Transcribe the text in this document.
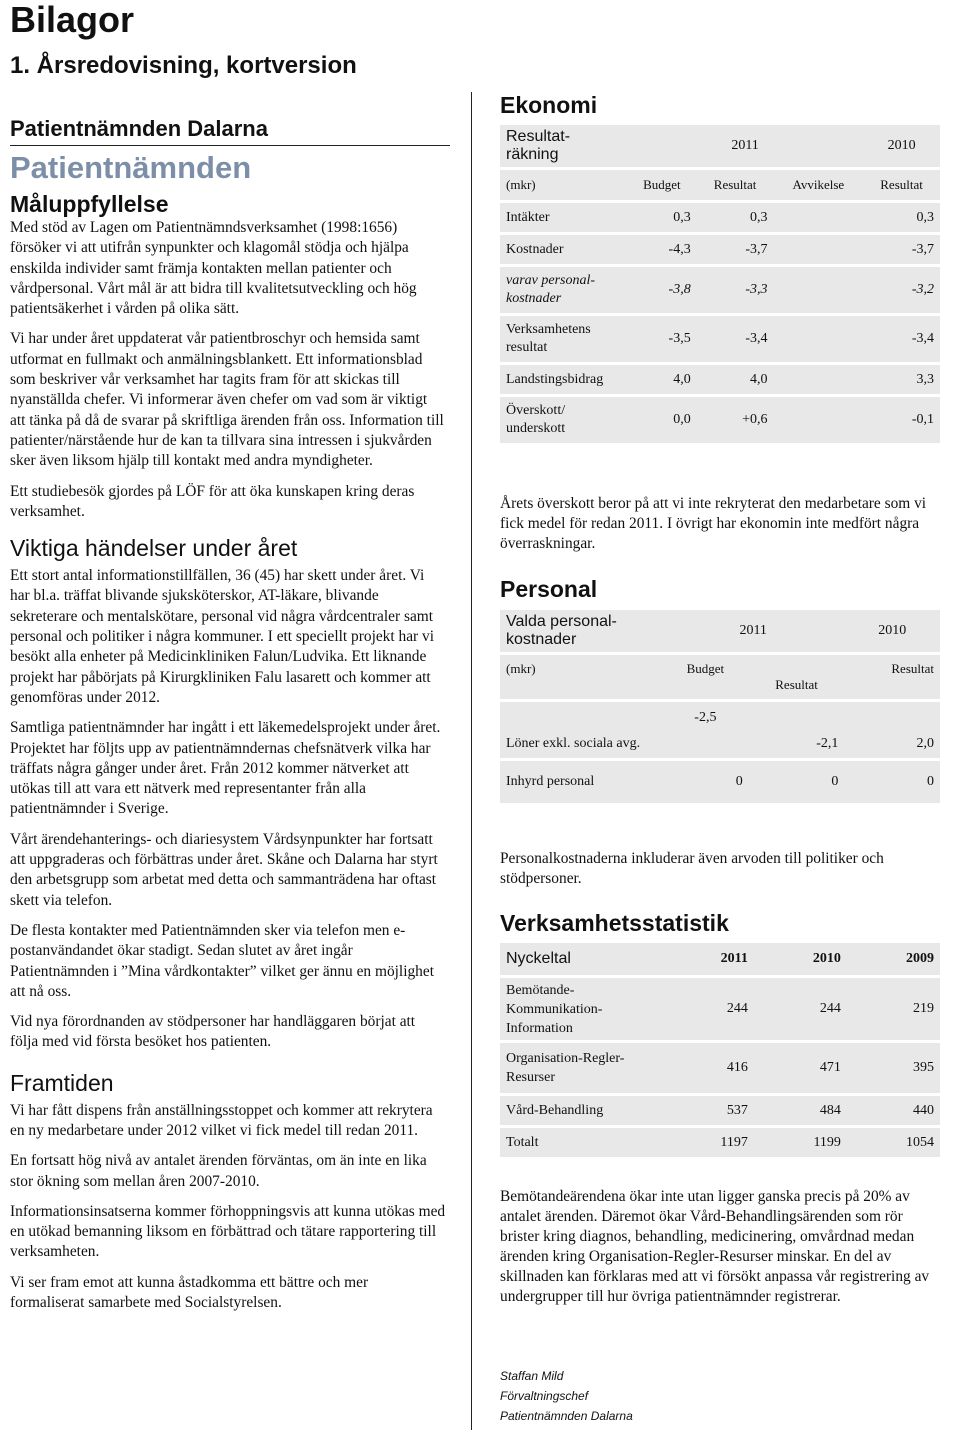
Bilagor
1. Årsredovisning, kortversion
Patientnämnden Dalarna
Patientnämnden
Måluppfyllelse

Med stöd av Lagen om Patientnämndsverksamhet (1998:1656) försöker vi att utifrån synpunkter och klagomål stödja och hjälpa enskilda individer samt främja kontakten mellan patienter och vårdpersonal. Vårt mål är att bidra till kvalitetsutveckling och hög patientsäkerhet i vården på olika sätt.

Vi har under året uppdaterat vår patientbroschyr och hemsida samt utformat en fullmakt och anmälningsblankett. Ett informationsblad som beskriver vår verksamhet har tagits fram för att skickas till nyanställda chefer. Vi informerar även chefer om vad som är viktigt att tänka på då de svarar på skriftliga ärenden från oss. Information till patienter/närstående hur de kan ta tillvara sina intressen i sjukvården sker även liksom hjälp till kontakt med andra myndigheter.

Ett studiebesök gjordes på LÖF för att öka kunskapen kring deras verksamhet.

Viktiga händelser under året

Ett stort antal informationstillfällen, 36 (45) har skett under året. Vi har bl.a. träffat blivande sjuksköterskor, AT-läkare, blivande sekreterare och mentalskötare, personal vid några vårdcentraler samt personal och politiker i några kommuner. I ett speciellt projekt har vi besökt alla enheter på Medicinkliniken Falun/Ludvika. Ett liknande projekt har påbörjats på Kirurgkliniken Falu lasarett och kommer att genomföras under 2012.

Samtliga patientnämnder har ingått i ett läkemedelsprojekt under året. Projektet har följts upp av patientnämndernas chefsnätverk vilka har träffats några gånger under året. Från 2012 kommer nätverket att utökas till att vara ett nätverk med representanter från alla patientnämnder i Sverige.

Vårt ärendehanterings- och diariesystem Vårdsynpunkter har fortsatt att uppgraderas och förbättras under året. Skåne och Dalarna har styrt den arbetsgrupp som arbetat med detta och sammanträdena har oftast skett via telefon.

De flesta kontakter med Patientnämnden sker via telefon men e-postanvändandet ökar stadigt. Sedan slutet av året ingår Patientnämnden i ”Mina vårdkontakter” vilket ger ännu en möjlighet att nå oss.

Vid nya förordnanden av stödpersoner har handläggaren börjat att följa med vid första besöket hos patienten.

Framtiden

Vi har fått dispens från anställningsstoppet och kommer att rekrytera en ny medarbetare under 2012 vilket vi fick medel till redan 2011.

En fortsatt hög nivå av antalet ärenden förväntas, om än inte en lika stor ökning som mellan åren 2007-2010.

Informationsinsatserna kommer förhoppningsvis att kunna utökas med en utökad bemanning liksom en förbättrad och tätare rapportering till verksamheten.

Vi ser fram emot att kunna åstadkomma ett bättre och mer formaliserat samarbete med Socialstyrelsen.

Ekonomi
Resultat-
räkning	2011			2010
(mkr)	Budget	Resultat	Avvikelse	Resultat
Intäkter	0,3	0,3		0,3
Kostnader	-4,3	-3,7		-3,7
varav personal-
kostnader	-3,8	-3,3		-3,2
Verksamhetens
resultat	-3,5	-3,4		-3,4
Landstingsbidrag	4,0	4,0		3,3
Överskott/
underskott	0,0	+0,6		-0,1

Årets överskott beror på att vi inte rekryterat den medarbetare som vi fick medel för redan 2011. I övrigt har ekonomin inte medfört några överraskningar.

Personal
Valda personal-
kostnader	2011		2010
(mkr)	Budget	Resultat	Resultat
Löner exkl. sociala avg.	-2,5	-2,1	2,0
Inhyrd personal	0	0	0

Personalkostnaderna inkluderar även arvoden till politiker och stödpersoner.

Verksamhetsstatistik
Nyckeltal	2011	2010	2009
Bemötande-
Kommunikation-
Information	244	244	219
Organisation-Regler-
Resurser	416	471	395
Vård-Behandling	537	484	440
Totalt	1197	1199	1054

Bemötandeärendena ökar inte utan ligger ganska precis på 20% av antalet ärenden. Däremot ökar Vård-Behandlingsärenden som rör brister kring diagnos, behandling, medicinering, omvårdnad medan ärenden kring Organisation-Regler-Resurser minskar. En del av skillnaden kan förklaras med att vi försökt anpassa vår registrering av undergrupper till hur övriga patientnämnder registrerar.

Staffan Mild
Förvaltningschef
Patientnämnden Dalarna
